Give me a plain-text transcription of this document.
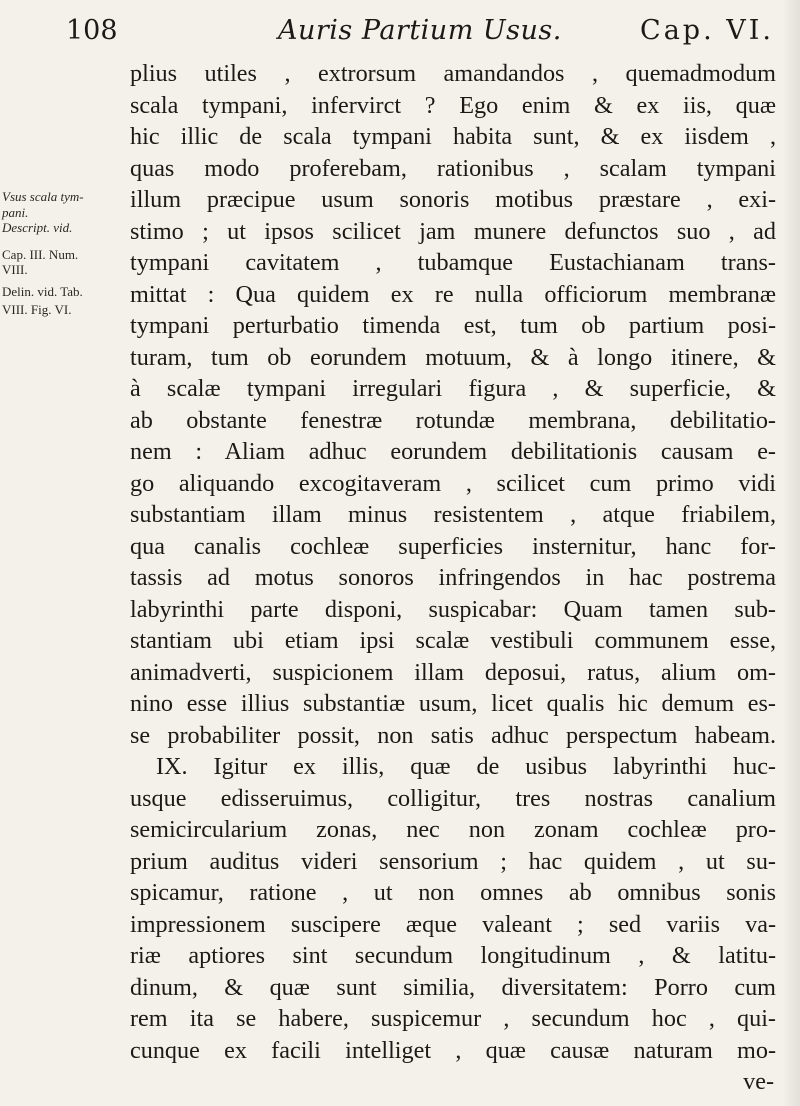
108	Auris Partium Usus.	Cap. VI.
Vsus scala tym-
pani.
Descript. vid.
Cap. III. Num.
VIII.
Delin. vid. Tab.
VIII. Fig. VI.
plius utiles , extrorsum amandandos , quemadmodum
scala tympani, infervirct ? Ego enim & ex iis, quæ
hic illic de scala tympani habita sunt, & ex iisdem ,
quas modo proferebam, rationibus , scalam tympani
illum præcipue usum sonoris motibus præstare , exi-
stimo ; ut ipsos scilicet jam munere defunctos suo , ad
tympani cavitatem , tubamque Eustachianam trans-
mittat : Qua quidem ex re nulla officiorum membranæ
tympani perturbatio timenda est, tum ob partium posi-
turam, tum ob eorundem motuum, & à longo itinere, &
à scalæ tympani irregulari figura , & superficie, &
ab obstante fenestræ rotundæ membrana, debilitatio-
nem : Aliam adhuc eorundem debilitationis causam e-
go aliquando excogitaveram , scilicet cum primo vidi
substantiam illam minus resistentem , atque friabilem,
qua canalis cochleæ superficies insternitur, hanc for-
tassis ad motus sonoros infringendos in hac postrema
labyrinthi parte disponi, suspicabar: Quam tamen sub-
stantiam ubi etiam ipsi scalæ vestibuli communem esse,
animadverti, suspicionem illam deposui, ratus, alium om-
nino esse illius substantiæ usum, licet qualis hic demum es-
se probabiliter possit, non satis adhuc perspectum habeam.
IX. Igitur ex illis, quæ de usibus labyrinthi huc-
usque edisseruimus, colligitur, tres nostras canalium
semicircularium zonas, nec non zonam cochleæ pro-
prium auditus videri sensorium ; hac quidem , ut su-
spicamur, ratione , ut non omnes ab omnibus sonis
impressionem suscipere æque valeant ; sed variis va-
riæ aptiores sint secundum longitudinum , & latitu-
dinum, & quæ sunt similia, diversitatem: Porro cum
rem ita se habere, suspicemur , secundum hoc , qui-
cunque ex facili intelliget , quæ causæ naturam mo-
ve-
